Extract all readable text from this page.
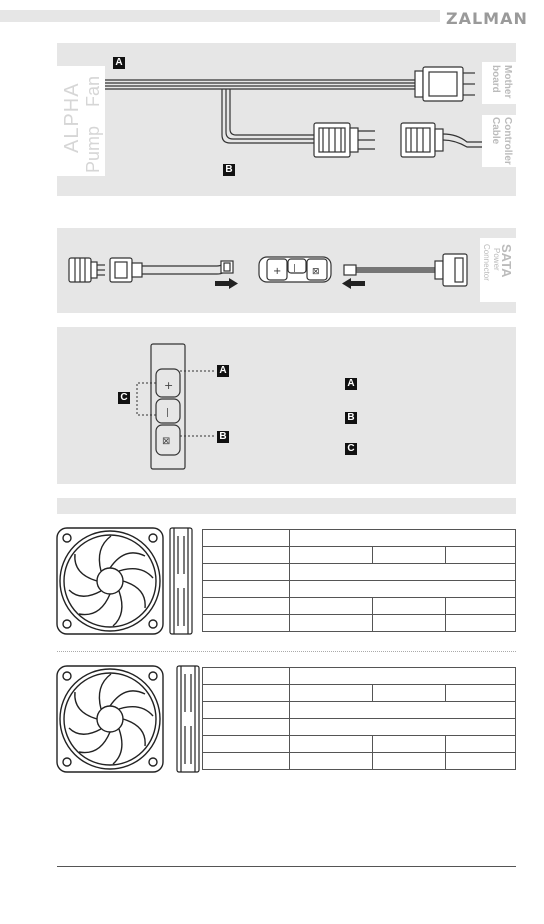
ZALMAN
A
B
ALPHA Fan
Pump
Mother
board
Controller
Cable
SATA
Power
Connector
+ | ⊠
+
|
⊠
A
B
C
A
B
C
